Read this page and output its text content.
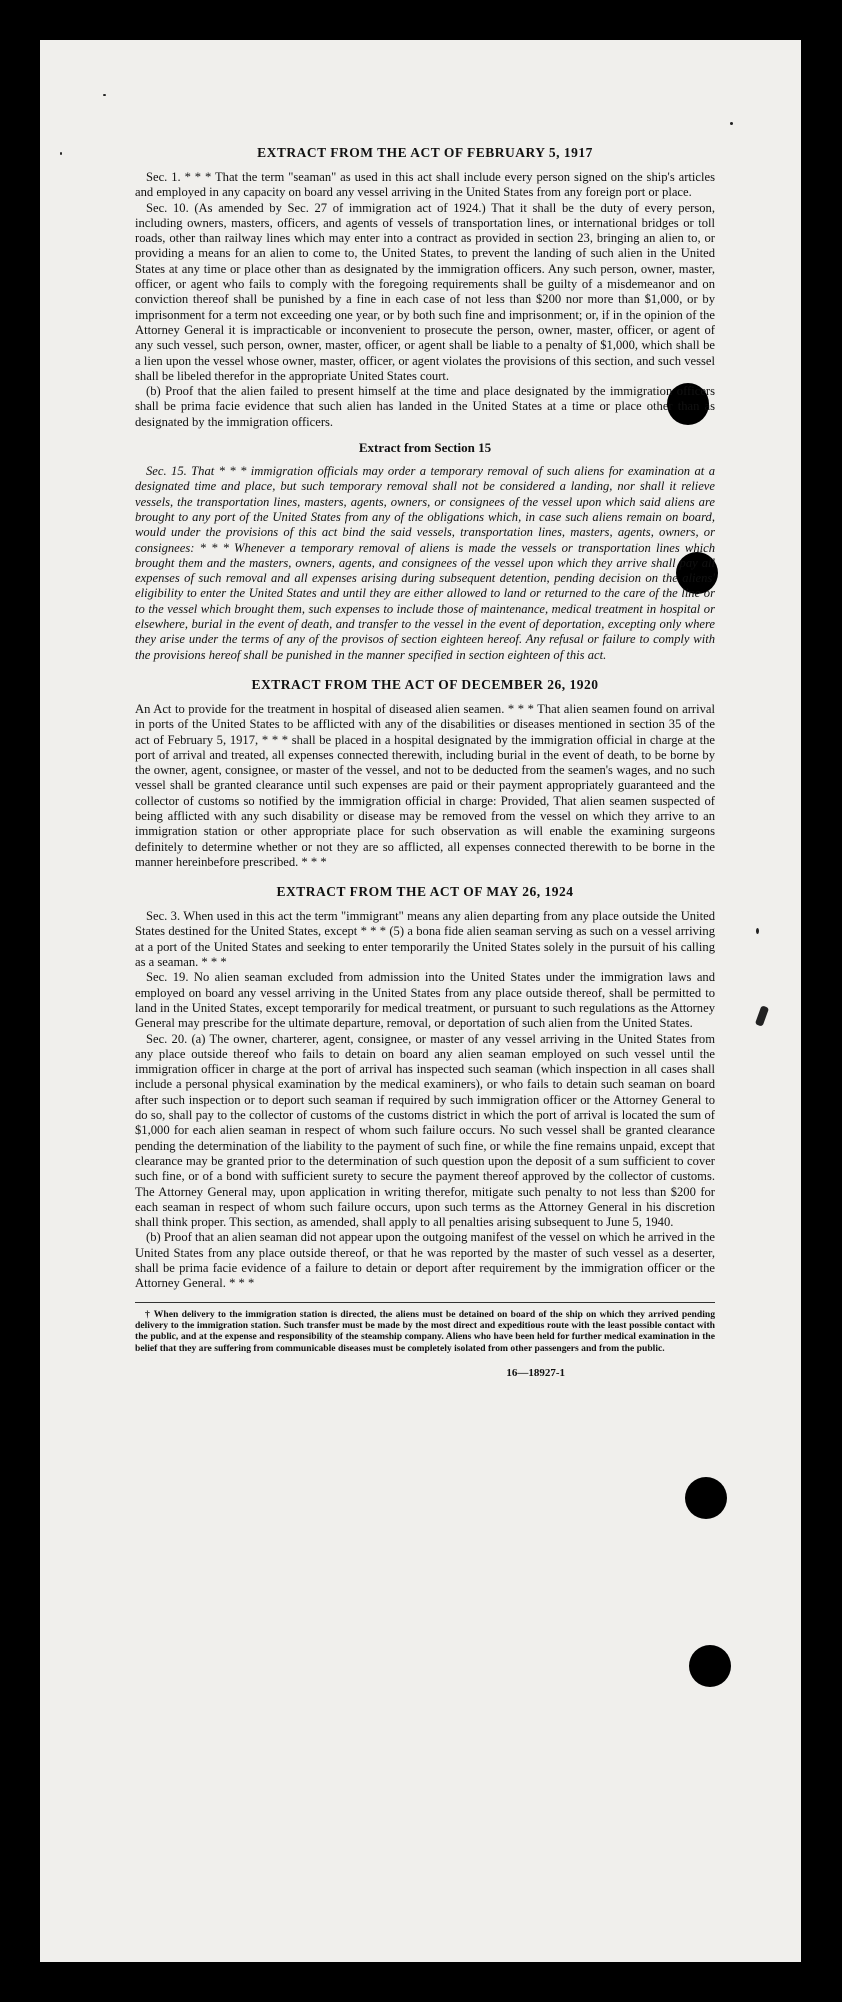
EXTRACT FROM THE ACT OF FEBRUARY 5, 1917

Sec. 1. * * * That the term "seaman" as used in this act shall include every person signed on the ship's articles and employed in any capacity on board any vessel arriving in the United States from any foreign port or place.

Sec. 10. (As amended by Sec. 27 of immigration act of 1924.) That it shall be the duty of every person, including owners, masters, officers, and agents of vessels of transportation lines, or international bridges or toll roads, other than railway lines which may enter into a contract as provided in section 23, bringing an alien to, or providing a means for an alien to come to, the United States, to prevent the landing of such alien in the United States at any time or place other than as designated by the immigration officers. Any such person, owner, master, officer, or agent who fails to comply with the foregoing requirements shall be guilty of a misdemeanor and on conviction thereof shall be punished by a fine in each case of not less than $200 nor more than $1,000, or by imprisonment for a term not exceeding one year, or by both such fine and imprisonment; or, if in the opinion of the Attorney General it is impracticable or inconvenient to prosecute the person, owner, master, officer, or agent of any such vessel, such person, owner, master, officer, or agent shall be liable to a penalty of $1,000, which shall be a lien upon the vessel whose owner, master, officer, or agent violates the provisions of this section, and such vessel shall be libeled therefor in the appropriate United States court.

(b) Proof that the alien failed to present himself at the time and place designated by the immigration officers shall be prima facie evidence that such alien has landed in the United States at a time or place other than as designated by the immigration officers.

Extract from Section 15

Sec. 15. That * * * immigration officials may order a temporary removal of such aliens for examination at a designated time and place, but such temporary removal shall not be considered a landing, nor shall it relieve vessels, the transportation lines, masters, agents, owners, or consignees of the vessel upon which said aliens are brought to any port of the United States from any of the obligations which, in case such aliens remain on board, would under the provisions of this act bind the said vessels, transportation lines, masters, agents, owners, or consignees: * * * Whenever a temporary removal of aliens is made the vessels or transportation lines which brought them and the masters, owners, agents, and consignees of the vessel upon which they arrive shall pay all expenses of such removal and all expenses arising during subsequent detention, pending decision on the aliens' eligibility to enter the United States and until they are either allowed to land or returned to the care of the line or to the vessel which brought them, such expenses to include those of maintenance, medical treatment in hospital or elsewhere, burial in the event of death, and transfer to the vessel in the event of deportation, excepting only where they arise under the terms of any of the provisos of section eighteen hereof. Any refusal or failure to comply with the provisions hereof shall be punished in the manner specified in section eighteen of this act.

EXTRACT FROM THE ACT OF DECEMBER 26, 1920

An Act to provide for the treatment in hospital of diseased alien seamen. * * * That alien seamen found on arrival in ports of the United States to be afflicted with any of the disabilities or diseases mentioned in section 35 of the act of February 5, 1917, * * * shall be placed in a hospital designated by the immigration official in charge at the port of arrival and treated, all expenses connected therewith, including burial in the event of death, to be borne by the owner, agent, consignee, or master of the vessel, and not to be deducted from the seamen's wages, and no such vessel shall be granted clearance until such expenses are paid or their payment appropriately guaranteed and the collector of customs so notified by the immigration official in charge: Provided, That alien seamen suspected of being afflicted with any such disability or disease may be removed from the vessel on which they arrive to an immigration station or other appropriate place for such observation as will enable the examining surgeons definitely to determine whether or not they are so afflicted, all expenses connected therewith to be borne in the manner hereinbefore prescribed. * * *

EXTRACT FROM THE ACT OF MAY 26, 1924

Sec. 3. When used in this act the term "immigrant" means any alien departing from any place outside the United States destined for the United States, except * * * (5) a bona fide alien seaman serving as such on a vessel arriving at a port of the United States and seeking to enter temporarily the United States solely in the pursuit of his calling as a seaman. * * *

Sec. 19. No alien seaman excluded from admission into the United States under the immigration laws and employed on board any vessel arriving in the United States from any place outside thereof, shall be permitted to land in the United States, except temporarily for medical treatment, or pursuant to such regulations as the Attorney General may prescribe for the ultimate departure, removal, or deportation of such alien from the United States.

Sec. 20. (a) The owner, charterer, agent, consignee, or master of any vessel arriving in the United States from any place outside thereof who fails to detain on board any alien seaman employed on such vessel until the immigration officer in charge at the port of arrival has inspected such seaman (which inspection in all cases shall include a personal physical examination by the medical examiners), or who fails to detain such seaman on board after such inspection or to deport such seaman if required by such immigration officer or the Attorney General to do so, shall pay to the collector of customs of the customs district in which the port of arrival is located the sum of $1,000 for each alien seaman in respect of whom such failure occurs. No such vessel shall be granted clearance pending the determination of the liability to the payment of such fine, or while the fine remains unpaid, except that clearance may be granted prior to the determination of such question upon the deposit of a sum sufficient to cover such fine, or of a bond with sufficient surety to secure the payment thereof approved by the collector of customs. The Attorney General may, upon application in writing therefor, mitigate such penalty to not less than $200 for each seaman in respect of whom such failure occurs, upon such terms as the Attorney General in his discretion shall think proper. This section, as amended, shall apply to all penalties arising subsequent to June 5, 1940.

(b) Proof that an alien seaman did not appear upon the outgoing manifest of the vessel on which he arrived in the United States from any place outside thereof, or that he was reported by the master of such vessel as a deserter, shall be prima facie evidence of a failure to detain or deport after requirement by the immigration officer or the Attorney General. * * *

† When delivery to the immigration station is directed, the aliens must be detained on board of the ship on which they arrived pending delivery to the immigration station. Such transfer must be made by the most direct and expeditious route with the least possible contact with the public, and at the expense and responsibility of the steamship company. Aliens who have been held for further medical examination in the belief that they are suffering from communicable diseases must be completely isolated from other passengers and from the public.

16—18927-1
